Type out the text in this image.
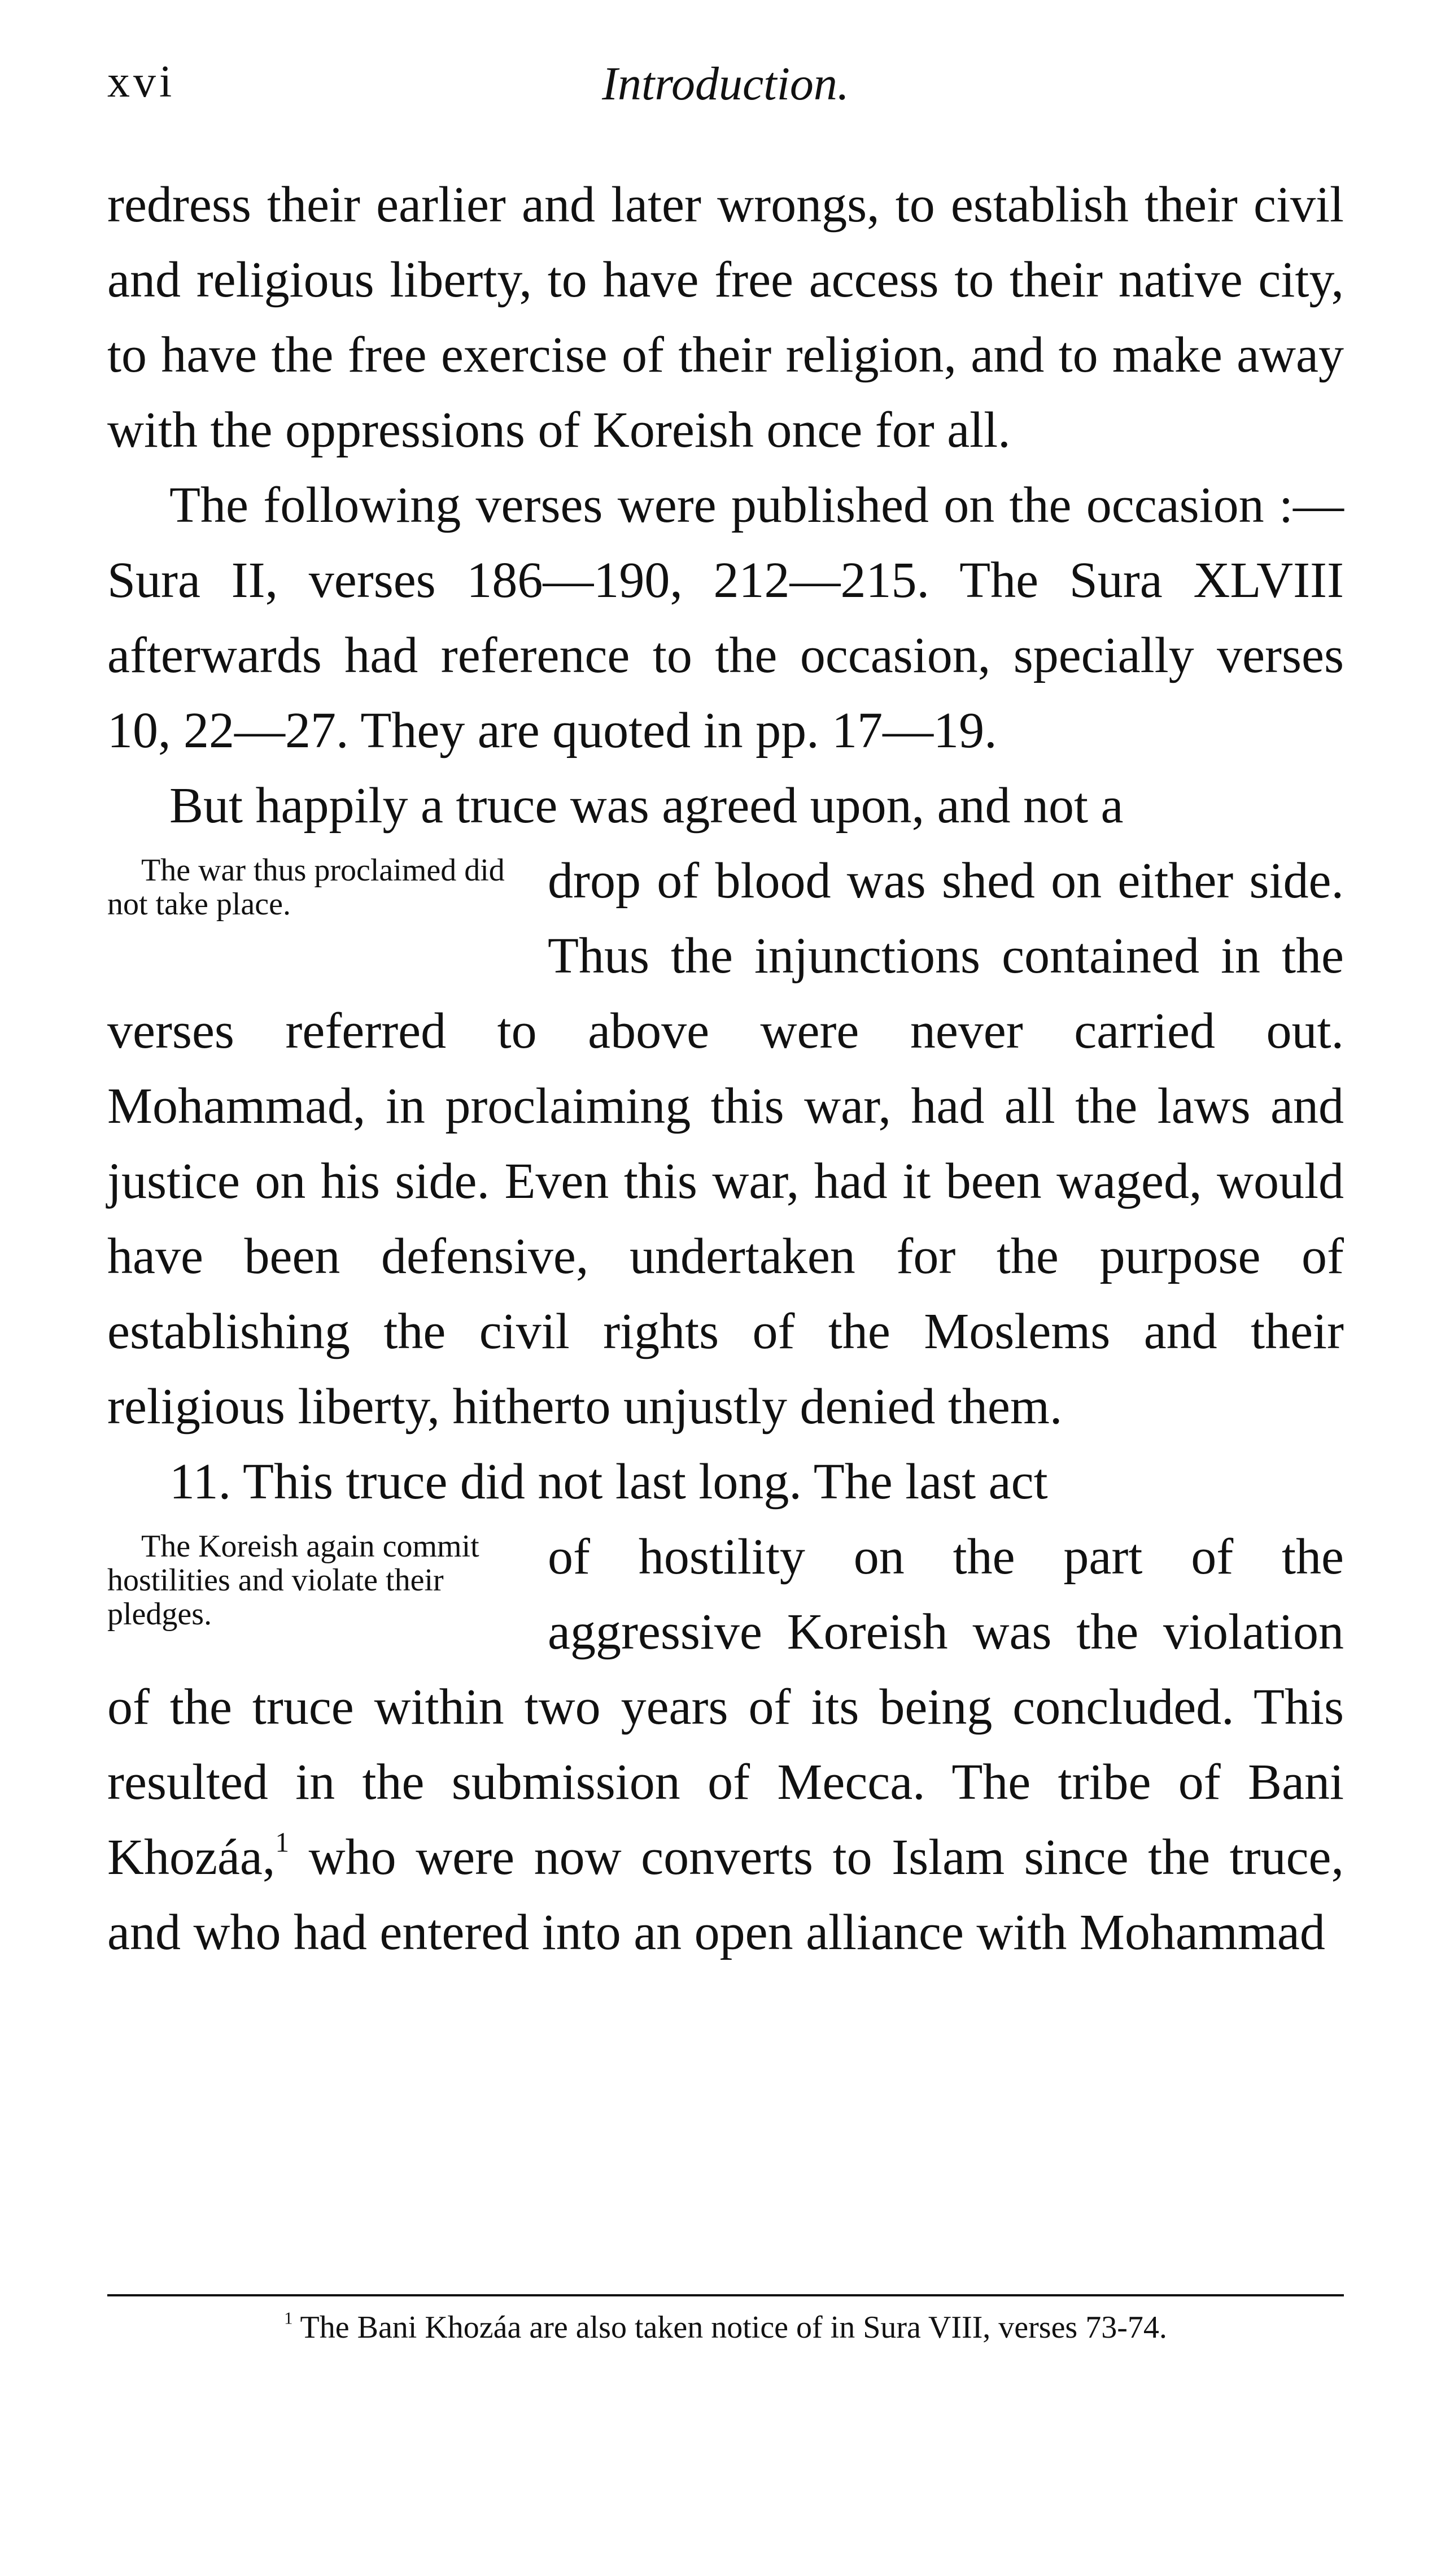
xvi	Introduction.

redress their earlier and later wrongs, to establish their civil and religious liberty, to have free access to their native city, to have the free exercise of their religion, and to make away with the oppressions of Koreish once for all.

The following verses were published on the occasion :—Sura II, verses 186—190, 212—215. The Sura XLVIII afterwards had reference to the occasion, specially verses 10, 22—27. They are quoted in pp. 17—19.

But happily a truce was agreed upon, and not a

The war thus proclaimed did not take place.	drop of blood was shed on either side. Thus the injunctions contained in the verses referred to above were never carried out. Mohammad, in proclaiming this war, had all the laws and justice on his side. Even this war, had it been waged, would have been defensive, undertaken for the purpose of establishing the civil rights of the Moslems and their religious liberty, hitherto unjustly denied them.

11. This truce did not last long. The last act

The Koreish again commit hostilities and violate their pledges.
of hostility on the part of the aggressive Koreish was the violation of the truce within two years of its being concluded. This resulted in the submission of Mecca. The tribe of Bani Khozáa,$^1$ who were now converts to Islam since the truce, and who had entered into an open alliance with Mohammad
$^1$ The Bani Khozáa are also taken notice of in Sura VIII, verses 73-74.
